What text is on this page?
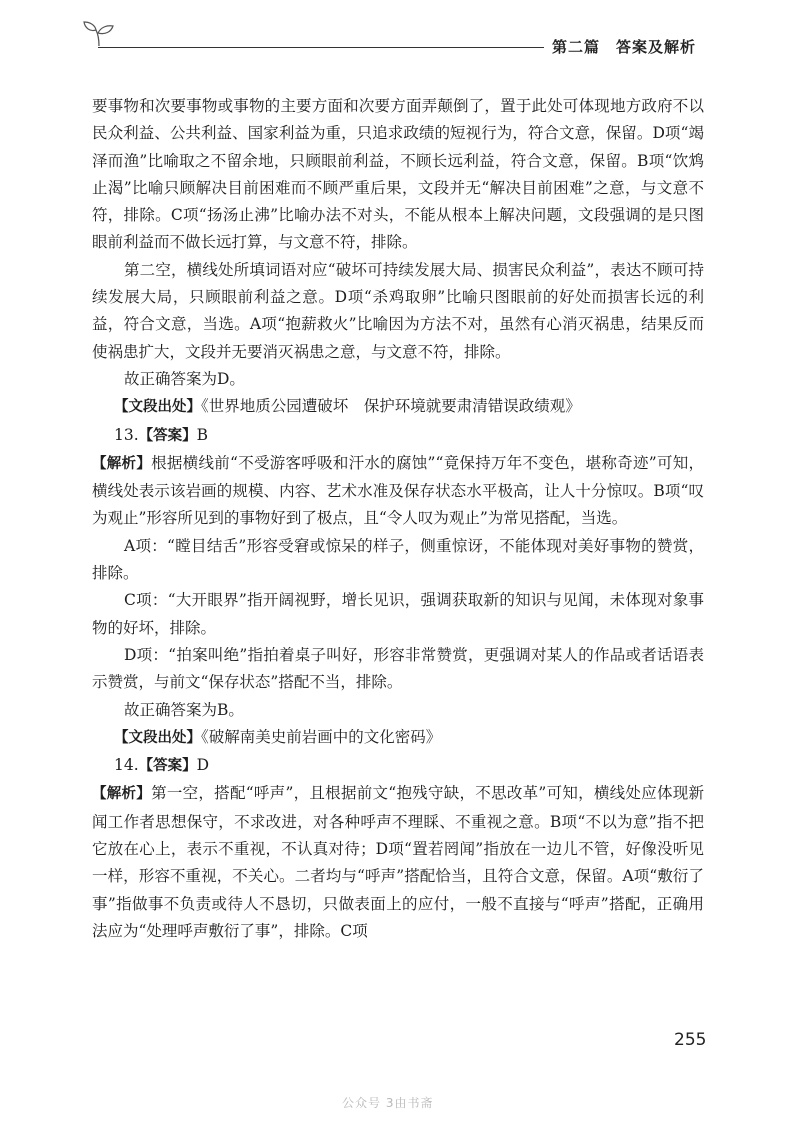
第二篇　答案及解析

要事物和次要事物或事物的主要方面和次要方面弄颠倒了，置于此处可体现地方政府不以民众利益、公共利益、国家利益为重，只追求政绩的短视行为，符合文意，保留。D项“竭泽而渔”比喻取之不留余地，只顾眼前利益，不顾长远利益，符合文意，保留。B项“饮鸩止渴”比喻只顾解决目前困难而不顾严重后果，文段并无“解决目前困难”之意，与文意不符，排除。C项“扬汤止沸”比喻办法不对头，不能从根本上解决问题，文段强调的是只图眼前利益而不做长远打算，与文意不符，排除。

第二空，横线处所填词语对应“破坏可持续发展大局、损害民众利益”，表达不顾可持续发展大局，只顾眼前利益之意。D项“杀鸡取卵”比喻只图眼前的好处而损害长远的利益，符合文意，当选。A项“抱薪救火”比喻因为方法不对，虽然有心消灭祸患，结果反而使祸患扩大，文段并无要消灭祸患之意，与文意不符，排除。

故正确答案为D。

【文段出处】《世界地质公园遭破坏　保护环境就要肃清错误政绩观》

13.【答案】B

【解析】根据横线前“不受游客呼吸和汗水的腐蚀”“竟保持万年不变色，堪称奇迹”可知，横线处表示该岩画的规模、内容、艺术水准及保存状态水平极高，让人十分惊叹。B项“叹为观止”形容所见到的事物好到了极点，且“令人叹为观止”为常见搭配，当选。

A项：“瞠目结舌”形容受窘或惊呆的样子，侧重惊讶，不能体现对美好事物的赞赏，排除。

C项：“大开眼界”指开阔视野，增长见识，强调获取新的知识与见闻，未体现对象事物的好坏，排除。

D项：“拍案叫绝”指拍着桌子叫好，形容非常赞赏，更强调对某人的作品或者话语表示赞赏，与前文“保存状态”搭配不当，排除。

故正确答案为B。

【文段出处】《破解南美史前岩画中的文化密码》

14.【答案】D

【解析】第一空，搭配“呼声”，且根据前文“抱残守缺，不思改革”可知，横线处应体现新闻工作者思想保守，不求改进，对各种呼声不理睬、不重视之意。B项“不以为意”指不把它放在心上，表示不重视，不认真对待；D项“置若罔闻”指放在一边儿不管，好像没听见一样，形容不重视，不关心。二者均与“呼声”搭配恰当，且符合文意，保留。A项“敷衍了事”指做事不负责或待人不恳切，只做表面上的应付，一般不直接与“呼声”搭配，正确用法应为“处理呼声敷衍了事”，排除。C项

255
公众号 3由书斋
